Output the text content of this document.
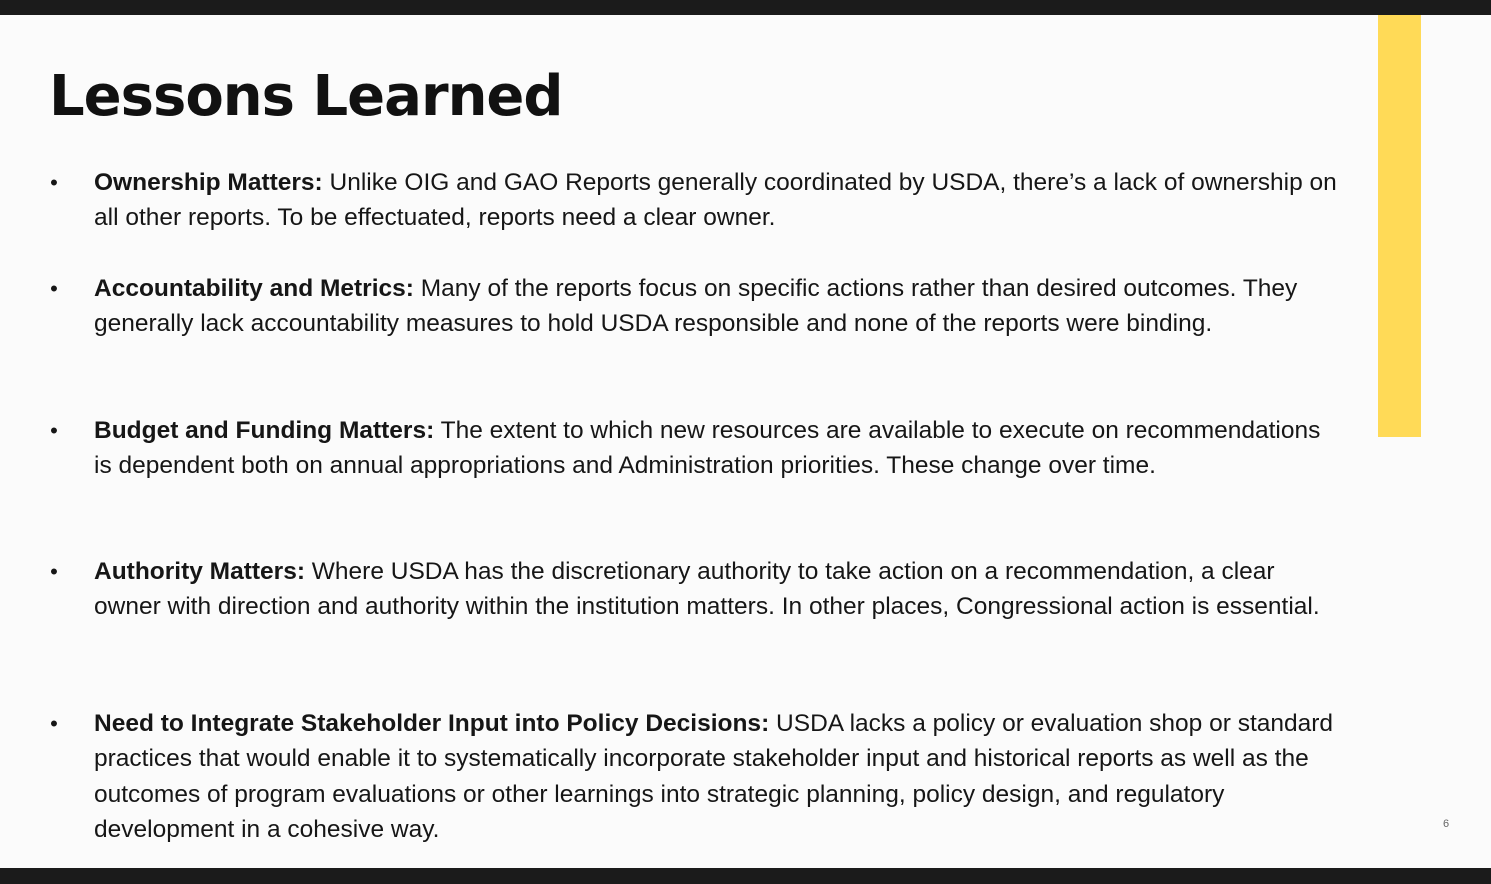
Lessons Learned
• Ownership Matters: Unlike OIG and GAO Reports generally coordinated by USDA, there’s a lack of ownership on all other reports. To be effectuated, reports need a clear owner.
• Accountability and Metrics: Many of the reports focus on specific actions rather than desired outcomes. They generally lack accountability measures to hold USDA responsible and none of the reports were binding.
• Budget and Funding Matters: The extent to which new resources are available to execute on recommendations is dependent both on annual appropriations and Administration priorities. These change over time.
• Authority Matters: Where USDA has the discretionary authority to take action on a recommendation, a clear owner with direction and authority within the institution matters. In other places, Congressional action is essential.
• Need to Integrate Stakeholder Input into Policy Decisions: USDA lacks a policy or evaluation shop or standard practices that would enable it to systematically incorporate stakeholder input and historical reports as well as the outcomes of program evaluations or other learnings into strategic planning, policy design, and regulatory development in a cohesive way.	6
